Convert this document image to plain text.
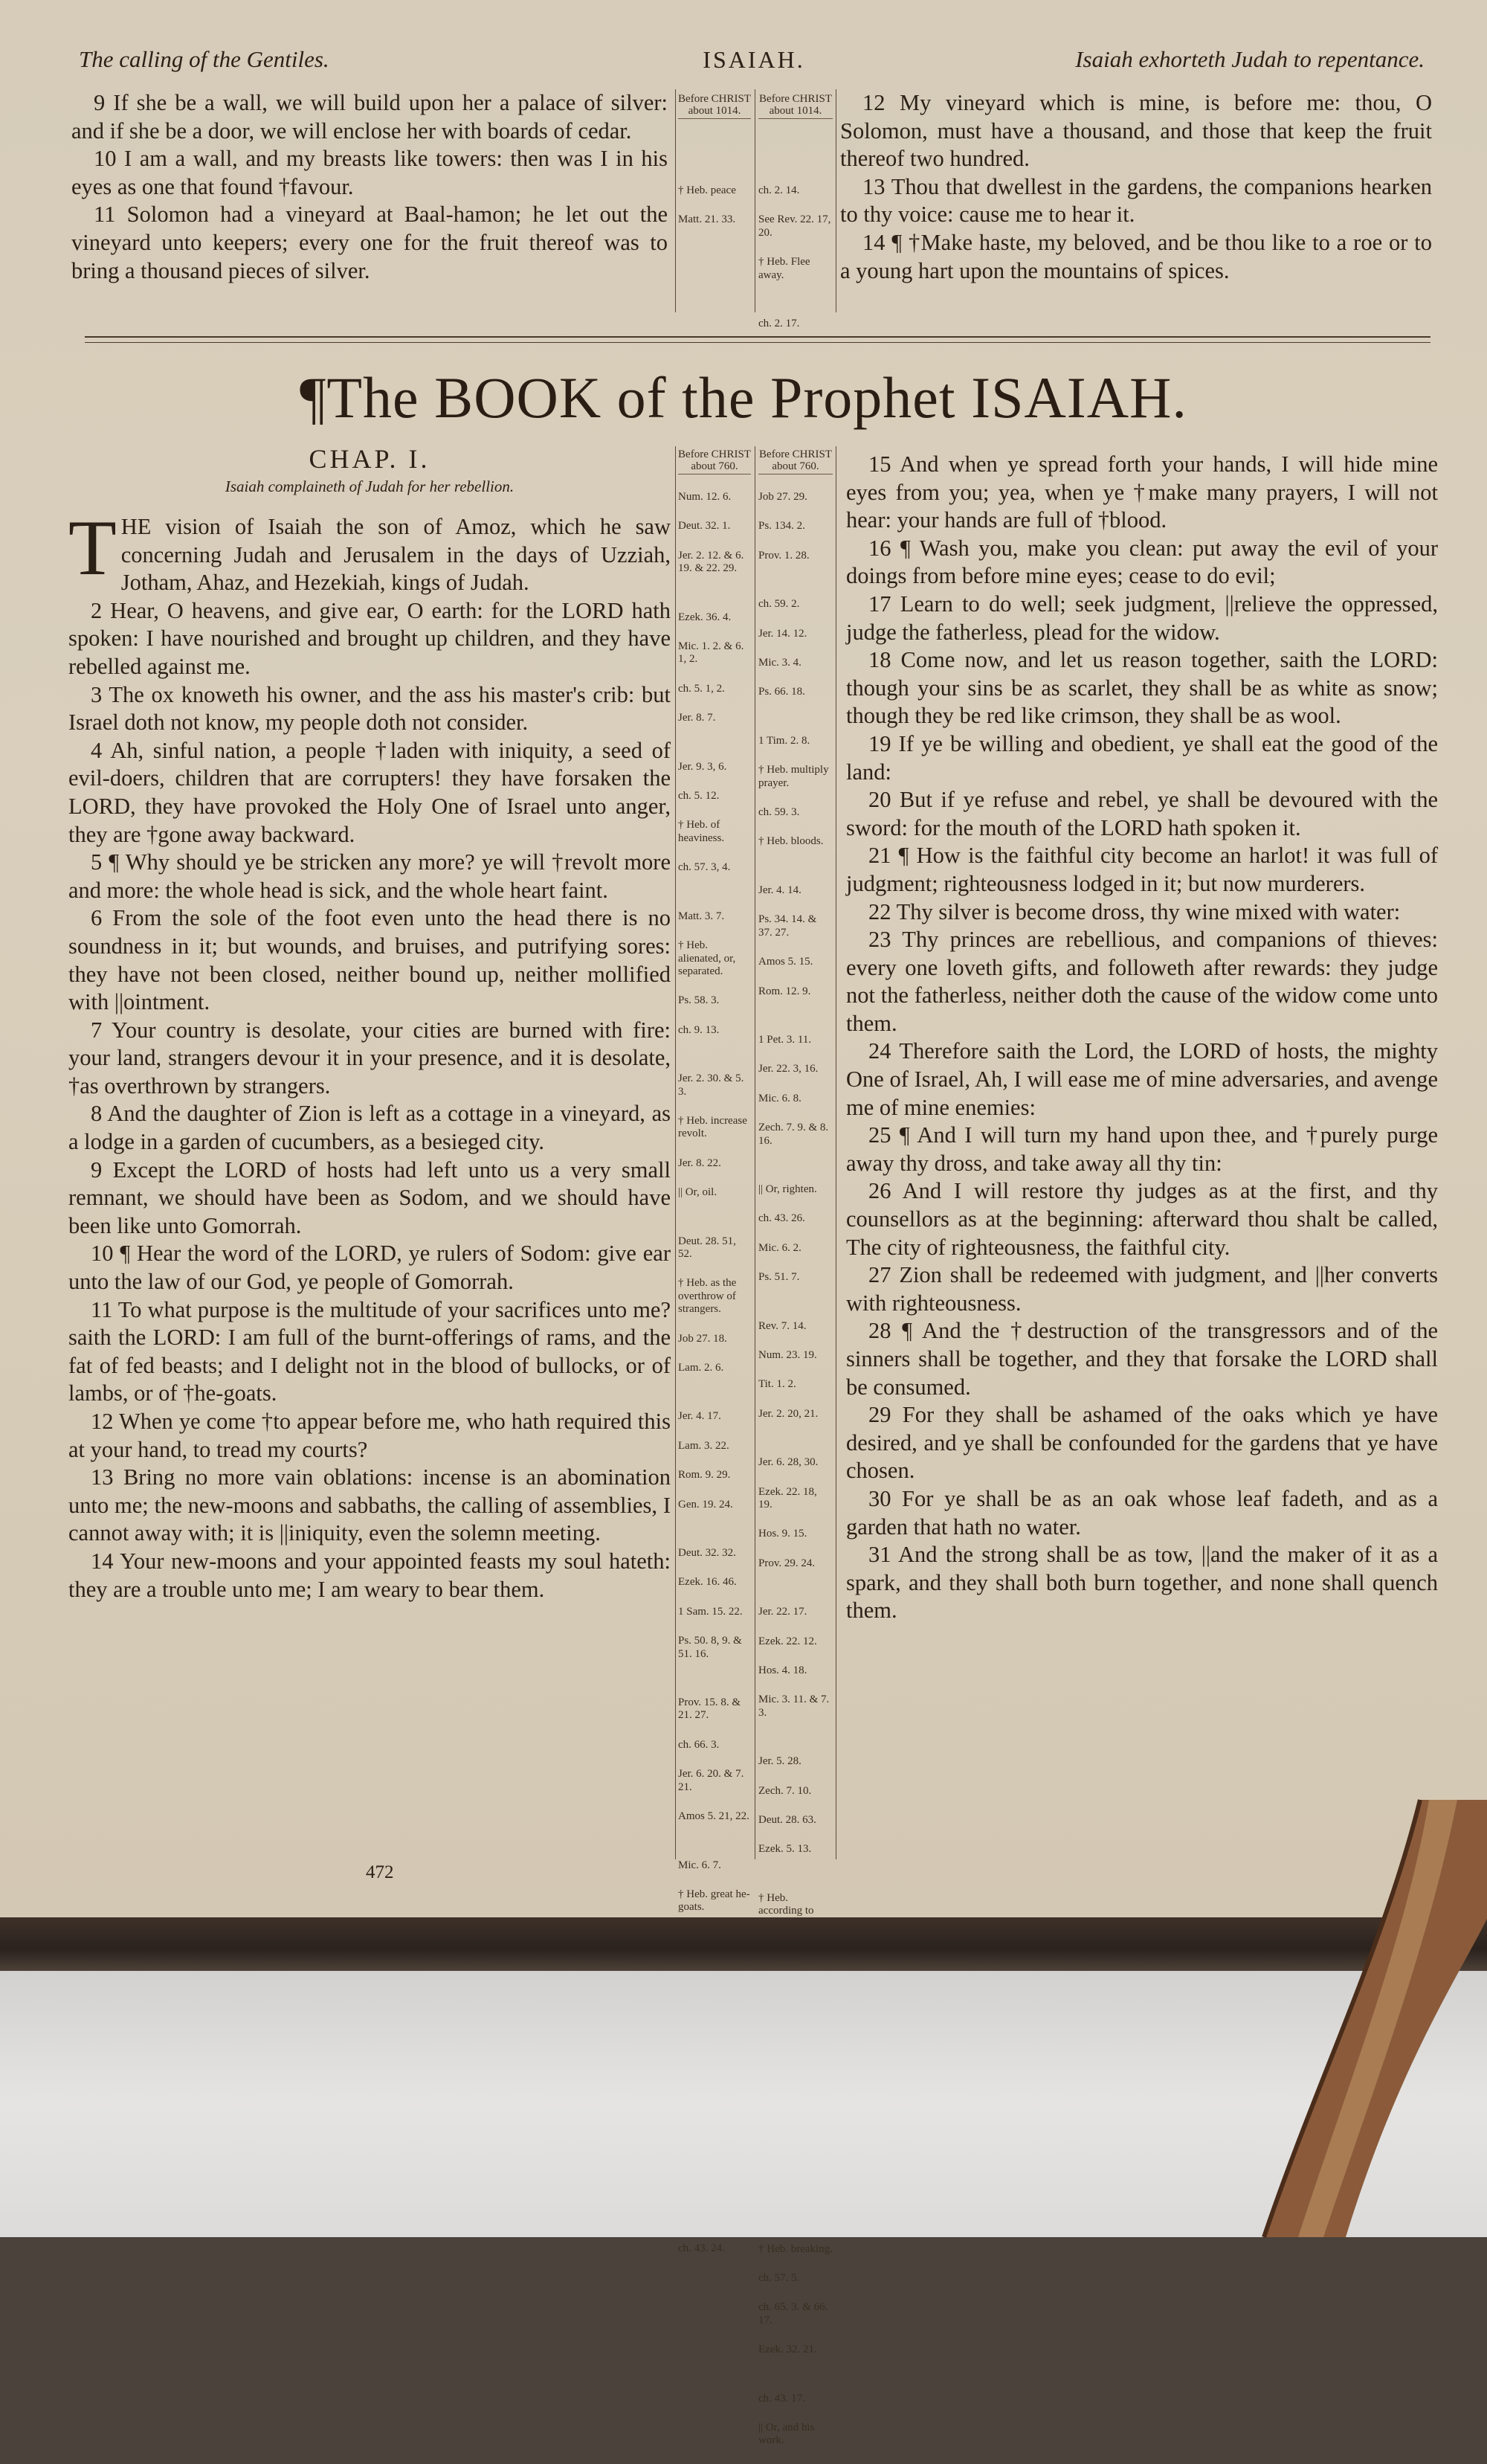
The calling of the Gentiles.	ISAIAH.	Isaiah exhorteth Judah to repentance.

9 If she be a wall, we will build upon her a palace of silver: and if she be a door, we will enclose her with boards of cedar.

10 I am a wall, and my breasts like towers: then was I in his eyes as one that found †favour.

11 Solomon had a vineyard at Baal-hamon; he let out the vineyard unto keepers; every one for the fruit thereof was to bring a thousand pieces of silver.

Before CHRIST about 1014.
† Heb. peace
Matt. 21. 33.
Before CHRIST about 1014.
ch. 2. 14.
See Rev. 22. 17, 20.
† Heb. Flee away.
ch. 2. 17.

12 My vineyard which is mine, is before me: thou, O Solomon, must have a thousand, and those that keep the fruit thereof two hundred.

13 Thou that dwellest in the gardens, the companions hearken to thy voice: cause me to hear it.

14 ¶ †Make haste, my beloved, and be thou like to a roe or to a young hart upon the mountains of spices.

¶The BOOK of the Prophet ISAIAH.
CHAP. I.
Isaiah complaineth of Judah for her rebellion.

THE vision of Isaiah the son of Amoz, which he saw concerning Judah and Jerusalem in the days of Uzziah, Jotham, Ahaz, and Hezekiah, kings of Judah.

2 Hear, O heavens, and give ear, O earth: for the LORD hath spoken: I have nourished and brought up children, and they have rebelled against me.

3 The ox knoweth his owner, and the ass his master's crib: but Israel doth not know, my people doth not consider.

4 Ah, sinful nation, a people †laden with iniquity, a seed of evil-doers, children that are corrupters! they have forsaken the LORD, they have provoked the Holy One of Israel unto anger, they are †gone away backward.

5 ¶ Why should ye be stricken any more? ye will †revolt more and more: the whole head is sick, and the whole heart faint.

6 From the sole of the foot even unto the head there is no soundness in it; but wounds, and bruises, and putrifying sores: they have not been closed, neither bound up, neither mollified with ||ointment.

7 Your country is desolate, your cities are burned with fire: your land, strangers devour it in your presence, and it is desolate, †as overthrown by strangers.

8 And the daughter of Zion is left as a cottage in a vineyard, as a lodge in a garden of cucumbers, as a besieged city.

9 Except the LORD of hosts had left unto us a very small remnant, we should have been as Sodom, and we should have been like unto Gomorrah.

10 ¶ Hear the word of the LORD, ye rulers of Sodom: give ear unto the law of our God, ye people of Gomorrah.

11 To what purpose is the multitude of your sacrifices unto me? saith the LORD: I am full of the burnt-offerings of rams, and the fat of fed beasts; and I delight not in the blood of bullocks, or of lambs, or of †he-goats.

12 When ye come †to appear before me, who hath required this at your hand, to tread my courts?

13 Bring no more vain oblations: incense is an abomination unto me; the new-moons and sabbaths, the calling of assemblies, I cannot away with; it is ||iniquity, even the solemn meeting.

14 Your new-moons and your appointed feasts my soul hateth: they are a trouble unto me; I am weary to bear them.

Before CHRIST about 760.
Num. 12. 6.
Deut. 32. 1.
Jer. 2. 12. & 6. 19. & 22. 29.
Ezek. 36. 4.
Mic. 1. 2. & 6. 1, 2.
ch. 5. 1, 2.
Jer. 8. 7.
Jer. 9. 3, 6.
ch. 5. 12.
† Heb. of heaviness.
ch. 57. 3, 4.
Matt. 3. 7.
† Heb. alienated, or, separated.
Ps. 58. 3.
ch. 9. 13.
Jer. 2. 30. & 5. 3.
† Heb. increase revolt.
Jer. 8. 22.
|| Or, oil.
Deut. 28. 51, 52.
† Heb. as the overthrow of strangers.
Job 27. 18.
Lam. 2. 6.
Jer. 4. 17.
Lam. 3. 22.
Rom. 9. 29.
Gen. 19. 24.
Deut. 32. 32.
Ezek. 16. 46.
1 Sam. 15. 22.
Ps. 50. 8, 9. & 51. 16.
Prov. 15. 8. & 21. 27.
ch. 66. 3.
Jer. 6. 20. & 7. 21.
Amos 5. 21, 22.
Mic. 6. 7.
† Heb. great he-goats.
ch. 43. 24.
Before CHRIST about 760.
Job 27. 29.
Ps. 134. 2.
Prov. 1. 28.
ch. 59. 2.
Jer. 14. 12.
Mic. 3. 4.
Ps. 66. 18.
1 Tim. 2. 8.
† Heb. multiply prayer.
ch. 59. 3.
† Heb. bloods.
Jer. 4. 14.
Ps. 34. 14. & 37. 27.
Amos 5. 15.
Rom. 12. 9.
1 Pet. 3. 11.
Jer. 22. 3, 16.
Mic. 6. 8.
Zech. 7. 9. & 8. 16.
|| Or, righten.
ch. 43. 26.
Mic. 6. 2.
Ps. 51. 7.
Rev. 7. 14.
Num. 23. 19.
Tit. 1. 2.
Jer. 2. 20, 21.
Jer. 6. 28, 30.
Ezek. 22. 18, 19.
Hos. 9. 15.
Prov. 29. 24.
Jer. 22. 17.
Ezek. 22. 12.
Hos. 4. 18.
Mic. 3. 11. & 7. 3.
Jer. 5. 28.
Zech. 7. 10.
Deut. 28. 63.
Ezek. 5. 13.
† Heb. according to
† Heb. breaking.
ch. 57. 5.
ch. 65. 3. & 66. 17.
Ezek. 32. 21.
ch. 43. 17.
|| Or, and his work.

15 And when ye spread forth your hands, I will hide mine eyes from you; yea, when ye †make many prayers, I will not hear: your hands are full of †blood.

16 ¶ Wash you, make you clean: put away the evil of your doings from before mine eyes; cease to do evil;

17 Learn to do well; seek judgment, ||relieve the oppressed, judge the fatherless, plead for the widow.

18 Come now, and let us reason together, saith the LORD: though your sins be as scarlet, they shall be as white as snow; though they be red like crimson, they shall be as wool.

19 If ye be willing and obedient, ye shall eat the good of the land:

20 But if ye refuse and rebel, ye shall be devoured with the sword: for the mouth of the LORD hath spoken it.

21 ¶ How is the faithful city become an harlot! it was full of judgment; righteousness lodged in it; but now murderers.

22 Thy silver is become dross, thy wine mixed with water:

23 Thy princes are rebellious, and companions of thieves: every one loveth gifts, and followeth after rewards: they judge not the fatherless, neither doth the cause of the widow come unto them.

24 Therefore saith the Lord, the LORD of hosts, the mighty One of Israel, Ah, I will ease me of mine adversaries, and avenge me of mine enemies:

25 ¶ And I will turn my hand upon thee, and †purely purge away thy dross, and take away all thy tin:

26 And I will restore thy judges as at the first, and thy counsellors as at the beginning: afterward thou shalt be called, The city of righteousness, the faithful city.

27 Zion shall be redeemed with judgment, and ||her converts with righteousness.

28 ¶ And the †destruction of the transgressors and of the sinners shall be together, and they that forsake the LORD shall be consumed.

29 For they shall be ashamed of the oaks which ye have desired, and ye shall be confounded for the gardens that ye have chosen.

30 For ye shall be as an oak whose leaf fadeth, and as a garden that hath no water.

31 And the strong shall be as tow, ||and the maker of it as a spark, and they shall both burn together, and none shall quench them.

472
